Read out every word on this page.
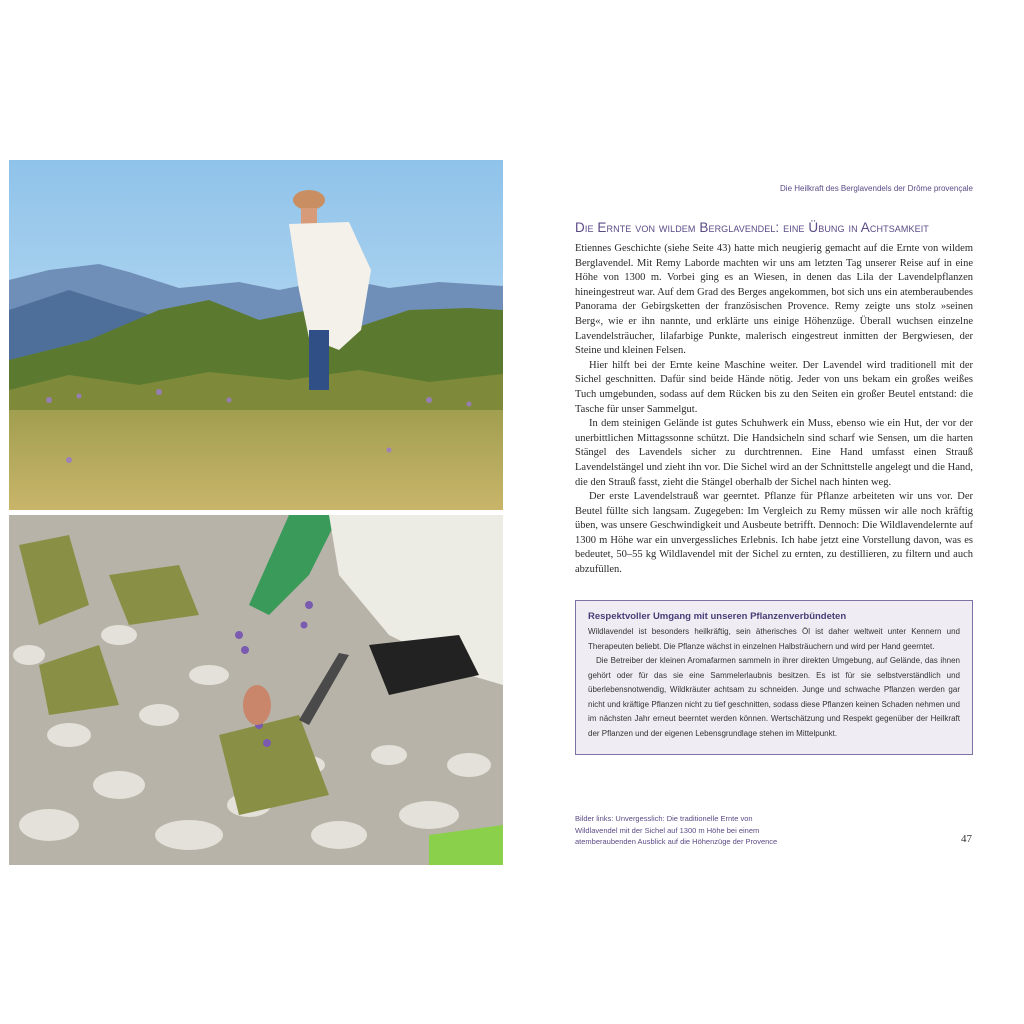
Die Heilkraft des Berglavendels der Drôme provençale
Die Ernte von wildem Berglavendel: eine Übung in Achtsamkeit

Etiennes Geschichte (siehe Seite 43) hatte mich neugierig gemacht auf die Ernte von wildem Berglavendel. Mit Remy Laborde machten wir uns am letzten Tag unserer Reise auf in eine Höhe von 1300 m. Vorbei ging es an Wiesen, in denen das Lila der Lavendelpflanzen hineingestreut war. Auf dem Grad des Berges angekommen, bot sich uns ein atemberaubendes Panorama der Gebirgsketten der französischen Provence. Remy zeigte uns stolz »seinen Berg«, wie er ihn nannte, und erklärte uns einige Höhenzüge. Überall wuchsen einzelne Lavendelsträucher, lilafarbige Punkte, malerisch eingestreut inmitten der Bergwiesen, der Steine und kleinen Felsen.

Hier hilft bei der Ernte keine Maschine weiter. Der Lavendel wird traditionell mit der Sichel geschnitten. Dafür sind beide Hände nötig. Jeder von uns bekam ein großes weißes Tuch umgebunden, sodass auf dem Rücken bis zu den Seiten ein großer Beutel entstand: die Tasche für unser Sammelgut.

In dem steinigen Gelände ist gutes Schuhwerk ein Muss, ebenso wie ein Hut, der vor der unerbittlichen Mittagssonne schützt. Die Handsicheln sind scharf wie Sensen, um die harten Stängel des Lavendels sicher zu durchtrennen. Eine Hand umfasst einen Strauß Lavendelstängel und zieht ihn vor. Die Sichel wird an der Schnittstelle angelegt und die Hand, die den Strauß fasst, zieht die Stängel oberhalb der Sichel nach hinten weg.

Der erste Lavendelstrauß war geerntet. Pflanze für Pflanze arbeiteten wir uns vor. Der Beutel füllte sich langsam. Zugegeben: Im Vergleich zu Remy müssen wir alle noch kräftig üben, was unsere Geschwindigkeit und Ausbeute betrifft. Dennoch: Die Wildlavendelernte auf 1300 m Höhe war ein unvergessliches Erlebnis. Ich habe jetzt eine Vorstellung davon, was es bedeutet, 50–55 kg Wildlavendel mit der Sichel zu ernten, zu destillieren, zu filtern und auch abzufüllen.

Respektvoller Umgang mit unseren Pflanzenverbündeten

Wildlavendel ist besonders heilkräftig, sein ätherisches Öl ist daher weltweit unter Kennern und Therapeuten beliebt. Die Pflanze wächst in einzelnen Halbsträuchern und wird per Hand geerntet.

Die Betreiber der kleinen Aromafarmen sammeln in ihrer direkten Umgebung, auf Gelände, das ihnen gehört oder für das sie eine Sammelerlaubnis besitzen. Es ist für sie selbstverständlich und überlebensnotwendig, Wildkräuter achtsam zu schneiden. Junge und schwache Pflanzen werden gar nicht und kräftige Pflanzen nicht zu tief geschnitten, sodass diese Pflanzen keinen Schaden nehmen und im nächsten Jahr erneut beerntet werden können. Wertschätzung und Respekt gegenüber der Heilkraft der Pflanzen und der eigenen Lebensgrundlage stehen im Mittelpunkt.

Bilder links: Unvergesslich: Die traditionelle Ernte von Wildlavendel mit der Sichel auf 1300 m Höhe bei einem atemberaubenden Ausblick auf die Höhenzüge der Provence	47
